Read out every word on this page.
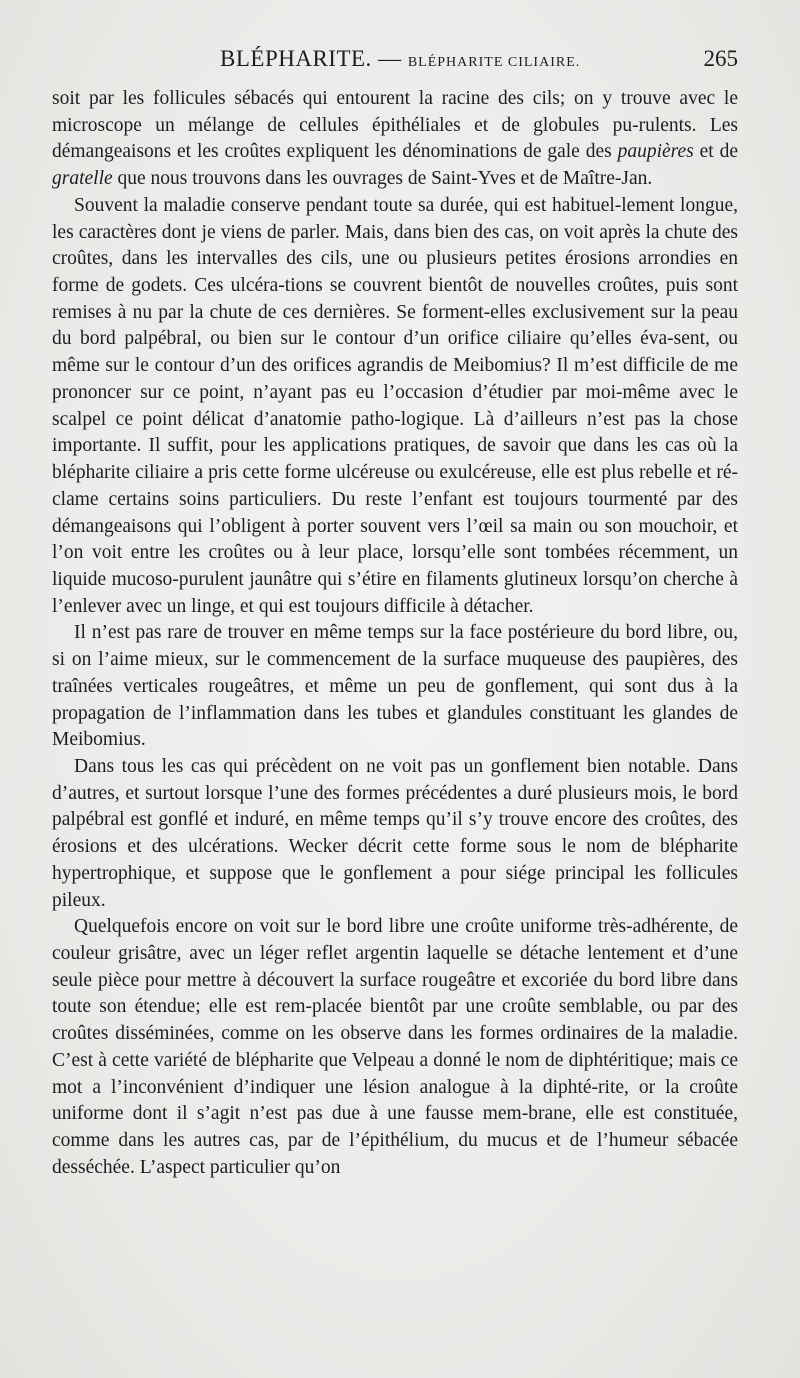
BLÉPHARITE. — BLÉPHARITE CILIAIRE.	265

soit par les follicules sébacés qui entourent la racine des cils; on y trouve avec le microscope un mélange de cellules épithéliales et de globules pu-rulents. Les démangeaisons et les croûtes expliquent les dénominations de gale des paupières et de gratelle que nous trouvons dans les ouvrages de Saint-Yves et de Maître-Jan.

Souvent la maladie conserve pendant toute sa durée, qui est habituel-lement longue, les caractères dont je viens de parler. Mais, dans bien des cas, on voit après la chute des croûtes, dans les intervalles des cils, une ou plusieurs petites érosions arrondies en forme de godets. Ces ulcéra-tions se couvrent bientôt de nouvelles croûtes, puis sont remises à nu par la chute de ces dernières. Se forment-elles exclusivement sur la peau du bord palpébral, ou bien sur le contour d’un orifice ciliaire qu’elles éva-sent, ou même sur le contour d’un des orifices agrandis de Meibomius? Il m’est difficile de me prononcer sur ce point, n’ayant pas eu l’occasion d’étudier par moi-même avec le scalpel ce point délicat d’anatomie patho-logique. Là d’ailleurs n’est pas la chose importante. Il suffit, pour les applications pratiques, de savoir que dans les cas où la blépharite ciliaire a pris cette forme ulcéreuse ou exulcéreuse, elle est plus rebelle et ré-clame certains soins particuliers. Du reste l’enfant est toujours tourmenté par des démangeaisons qui l’obligent à porter souvent vers l’œil sa main ou son mouchoir, et l’on voit entre les croûtes ou à leur place, lorsqu’elle sont tombées récemment, un liquide mucoso-purulent jaunâtre qui s’étire en filaments glutineux lorsqu’on cherche à l’enlever avec un linge, et qui est toujours difficile à détacher.

Il n’est pas rare de trouver en même temps sur la face postérieure du bord libre, ou, si on l’aime mieux, sur le commencement de la surface muqueuse des paupières, des traînées verticales rougeâtres, et même un peu de gonflement, qui sont dus à la propagation de l’inflammation dans les tubes et glandules constituant les glandes de Meibomius.

Dans tous les cas qui précèdent on ne voit pas un gonflement bien notable. Dans d’autres, et surtout lorsque l’une des formes précédentes a duré plusieurs mois, le bord palpébral est gonflé et induré, en même temps qu’il s’y trouve encore des croûtes, des érosions et des ulcérations. Wecker décrit cette forme sous le nom de blépharite hypertrophique, et suppose que le gonflement a pour siége principal les follicules pileux.

Quelquefois encore on voit sur le bord libre une croûte uniforme très-adhérente, de couleur grisâtre, avec un léger reflet argentin laquelle se détache lentement et d’une seule pièce pour mettre à découvert la surface rougeâtre et excoriée du bord libre dans toute son étendue; elle est rem-placée bientôt par une croûte semblable, ou par des croûtes disséminées, comme on les observe dans les formes ordinaires de la maladie. C’est à cette variété de blépharite que Velpeau a donné le nom de diphtéritique; mais ce mot a l’inconvénient d’indiquer une lésion analogue à la diphté-rite, or la croûte uniforme dont il s’agit n’est pas due à une fausse mem-brane, elle est constituée, comme dans les autres cas, par de l’épithélium, du mucus et de l’humeur sébacée desséchée. L’aspect particulier qu’on
